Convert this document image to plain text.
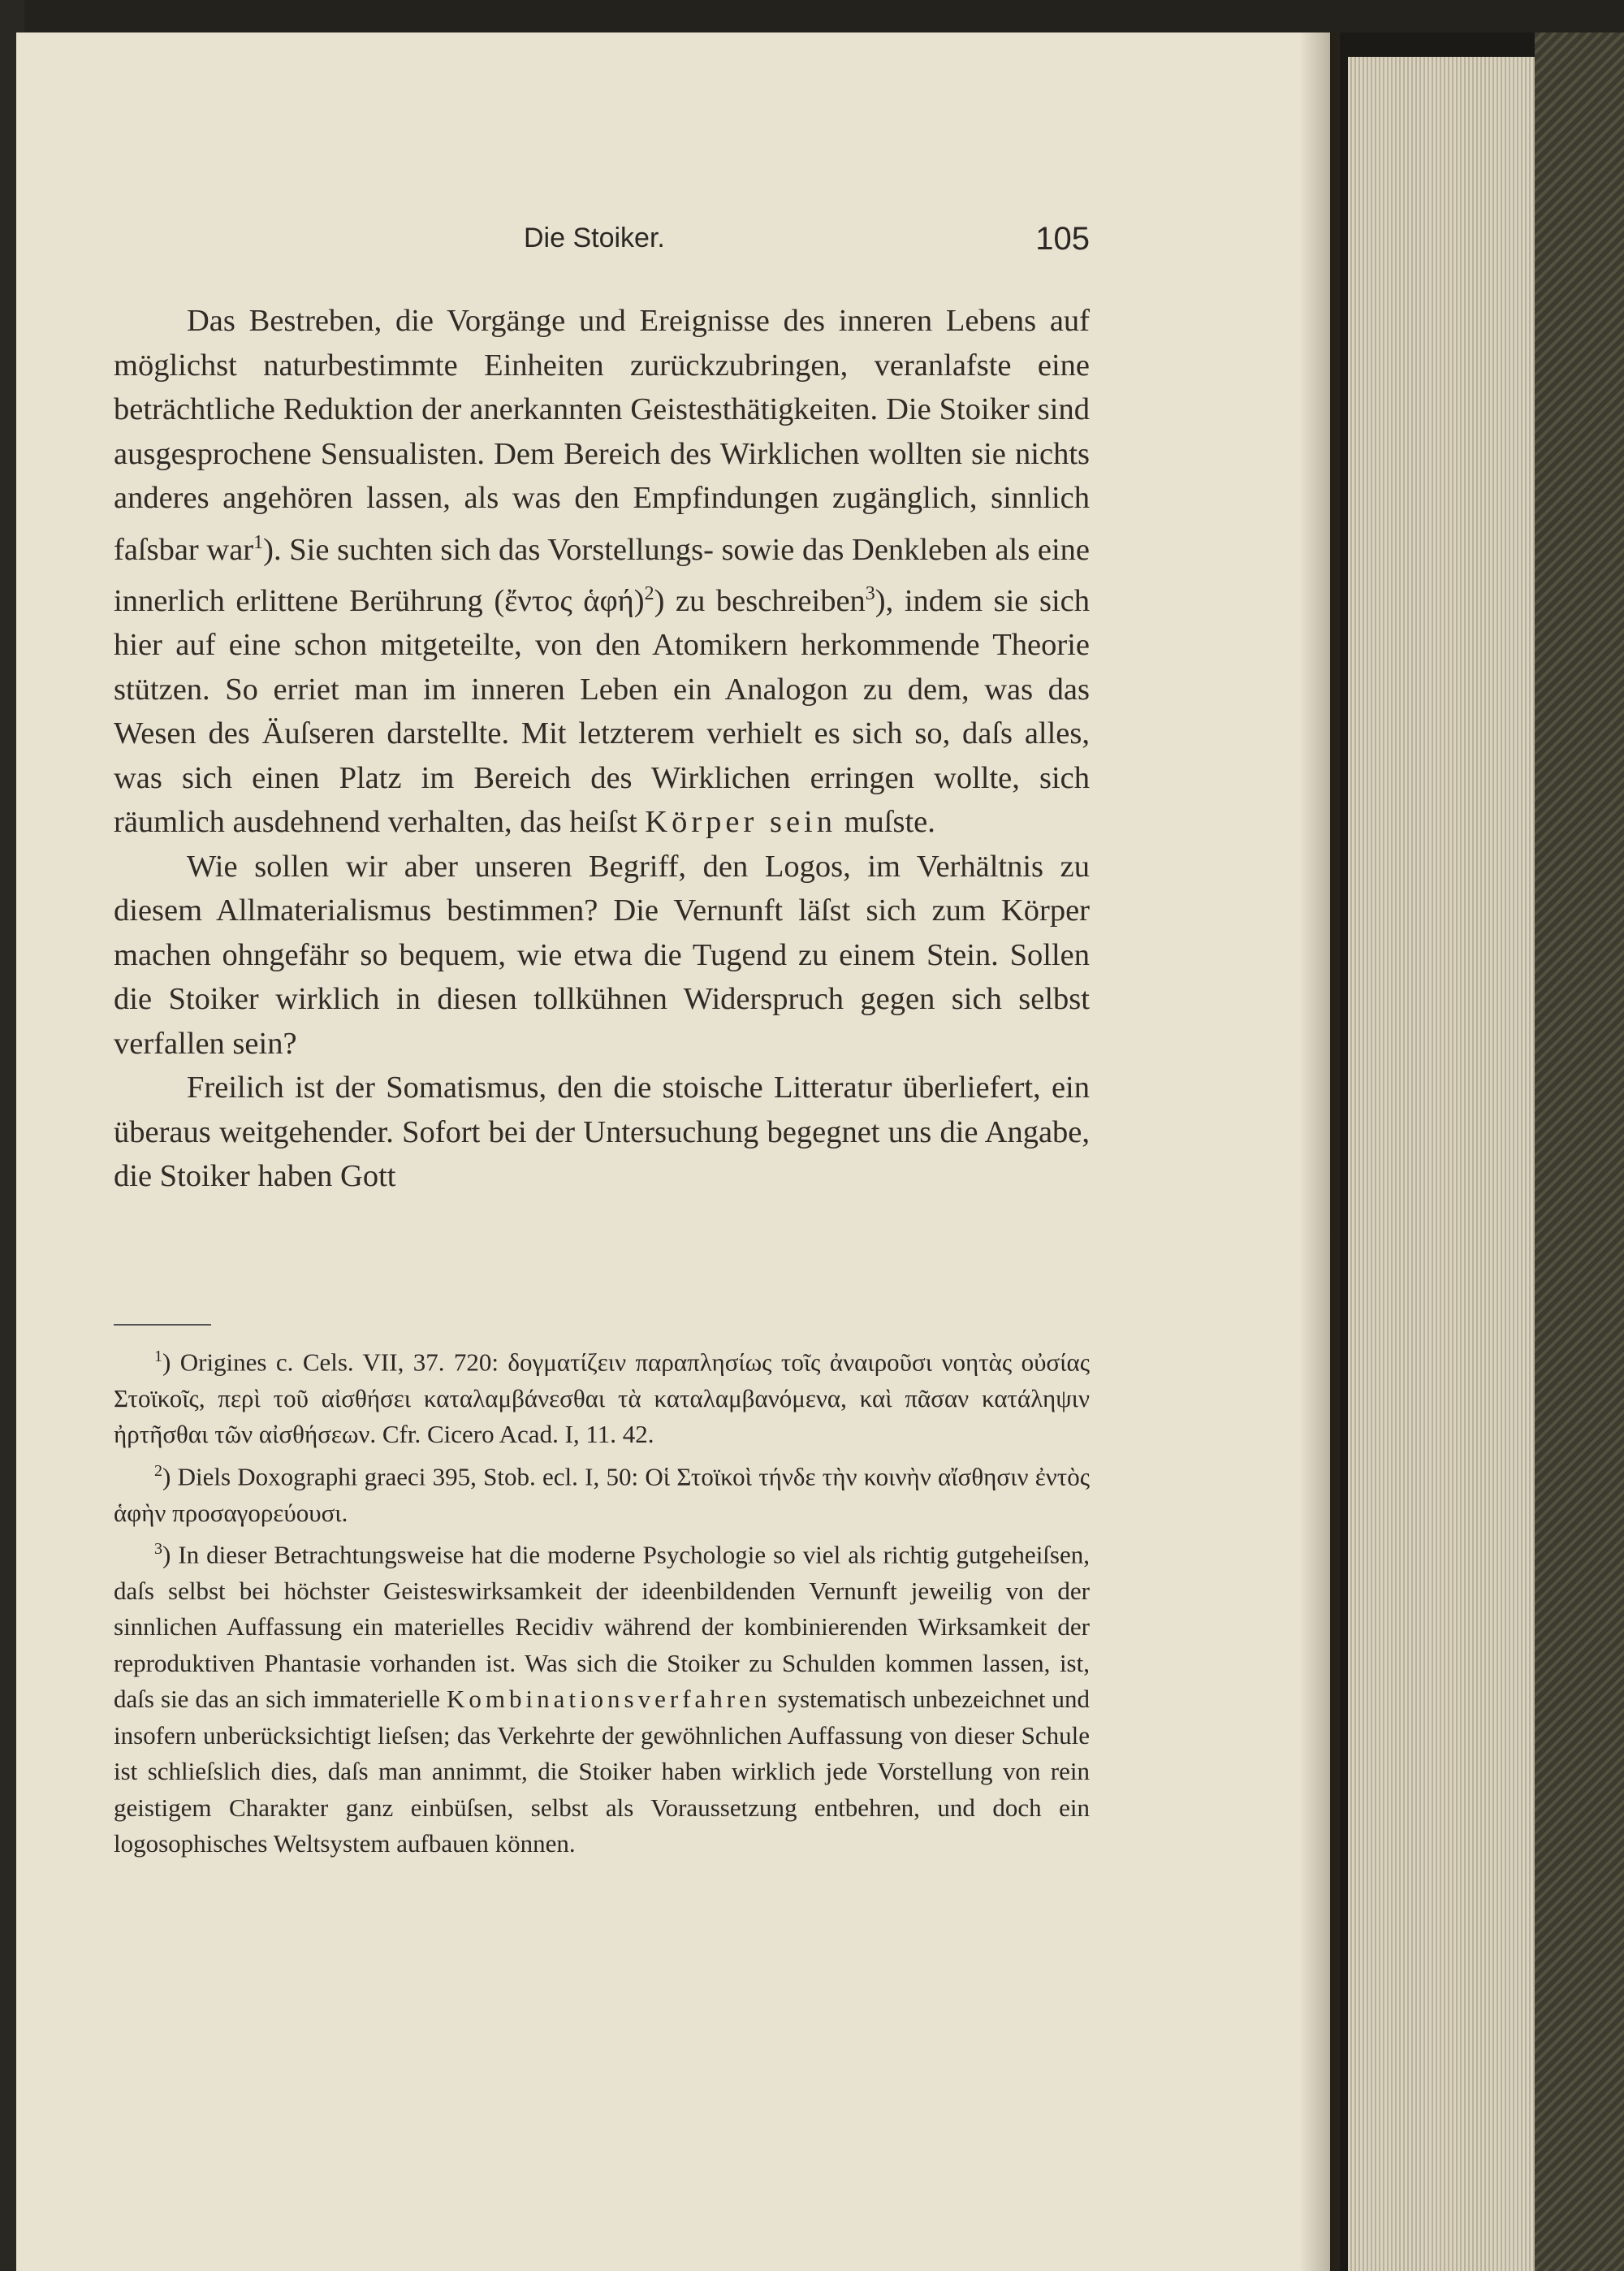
Die Stoiker.	105

Das Bestreben, die Vorgänge und Ereignisse des inneren Lebens auf möglichst naturbestimmte Einheiten zurückzubringen, veranlafste eine beträchtliche Reduktion der anerkannten Geistesthätigkeiten. Die Stoiker sind ausgesprochene Sensualisten. Dem Bereich des Wirklichen wollten sie nichts anderes angehören lassen, als was den Empfindungen zugänglich, sinnlich faſsbar war$^1$). Sie suchten sich das Vorstellungs- sowie das Denkleben als eine innerlich erlittene Berührung (ἔντος ἁφή)$^2$) zu beschreiben$^3$), indem sie sich hier auf eine schon mitgeteilte, von den Atomikern herkommende Theorie stützen. So erriet man im inneren Leben ein Analogon zu dem, was das Wesen des Äuſseren darstellte. Mit letzterem verhielt es sich so, daſs alles, was sich einen Platz im Bereich des Wirklichen erringen wollte, sich räumlich ausdehnend verhalten, das heiſst Körper sein muſste.

Wie sollen wir aber unseren Begriff, den Logos, im Verhältnis zu diesem Allmaterialismus bestimmen? Die Vernunft läſst sich zum Körper machen ohngefähr so bequem, wie etwa die Tugend zu einem Stein. Sollen die Stoiker wirklich in diesen tollkühnen Widerspruch gegen sich selbst verfallen sein?

Freilich ist der Somatismus, den die stoische Litteratur überliefert, ein überaus weitgehender. Sofort bei der Untersuchung begegnet uns die Angabe, die Stoiker haben Gott

$^1$) Origines c. Cels. VII, 37. 720: δογματίζειν παραπλησίως τοῖς ἀναιροῦσι νοητὰς οὐσίας Στοϊκοῖς, περὶ τοῦ αἰσθήσει καταλαμβάνεσθαι τὰ καταλαμβανόμενα, καὶ πᾶσαν κατάληψιν ἠρτῆσθαι τῶν αἰσθήσεων. Cfr. Cicero Acad. I, 11. 42.

$^2$) Diels Doxographi graeci 395, Stob. ecl. I, 50: Οἱ Στοϊκοὶ τήνδε τὴν κοινὴν αἴσθησιν ἐντὸς ἁφὴν προσαγορεύουσι.

$^3$) In dieser Betrachtungsweise hat die moderne Psychologie so viel als richtig gutgeheiſsen, daſs selbst bei höchster Geisteswirksamkeit der ideenbildenden Vernunft jeweilig von der sinnlichen Auffassung ein materielles Recidiv während der kombinierenden Wirksamkeit der reproduktiven Phantasie vorhanden ist. Was sich die Stoiker zu Schulden kommen lassen, ist, daſs sie das an sich immaterielle Kombinationsverfahren systematisch unbezeichnet und insofern unberücksichtigt lieſsen; das Verkehrte der gewöhnlichen Auffassung von dieser Schule ist schlieſslich dies, daſs man annimmt, die Stoiker haben wirklich jede Vorstellung von rein geistigem Charakter ganz einbüſsen, selbst als Voraussetzung entbehren, und doch ein logosophisches Weltsystem aufbauen können.
